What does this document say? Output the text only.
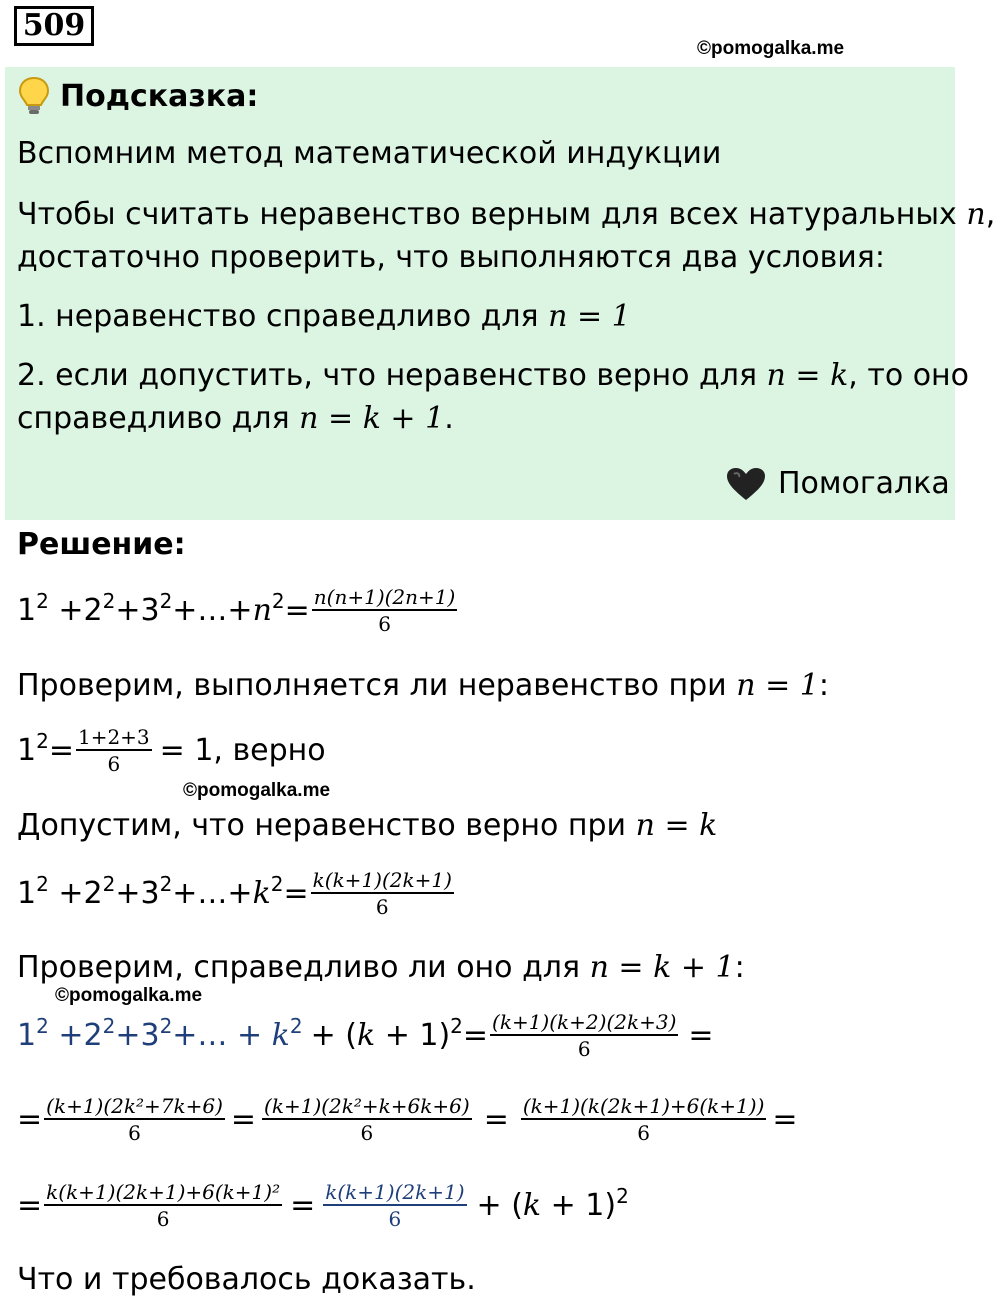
509
©pomogalka.me
Подсказка:
Вспомним метод математической индукции
Чтобы считать неравенство верным для всех натуральных n,
достаточно проверить, что выполняются два условия:
1. неравенство справедливо для n = 1
2. если допустить, что неравенство верно для n = k, то оно
справедливо для n = k + 1.
Помогалка
Решение:
$1^2$ $+2^2+3^2+\dots+n^2= \frac{n(n+1)(2n+1)}{6}$
Проверим, выполняется ли неравенство при n = 1:
$1^2= \frac{1+2+3}{6} = 1$, верно
©pomogalka.me
Допустим, что неравенство верно при n = k
$1^2$ $+2^2+3^2+\dots+k^2= \frac{k(k+1)(2k+1)}{6}$
Проверим, справедливо ли оно для n = k + 1:
©pomogalka.me
$1^2$ $+2^2+3^2+\dots + k^2 + (k + 1)^2= \frac{(k+1)(k+2)(2k+3)}{6}$ =
= $\frac{\text{(k+1)(2k²+7k+6)}}{6} = \frac{\text{(k+1)(2k²+k+6k+6)}}{6} = \frac{(k+1)(k(2k+1)+6(k+1))}{6}$ =
= $\frac{\text{k(k+1)(2k+1)+6(k+1)²}}{6} = \frac{k(k+1)(2k+1)}{6} + (k + 1)^2$
Что и требовалось доказать.
